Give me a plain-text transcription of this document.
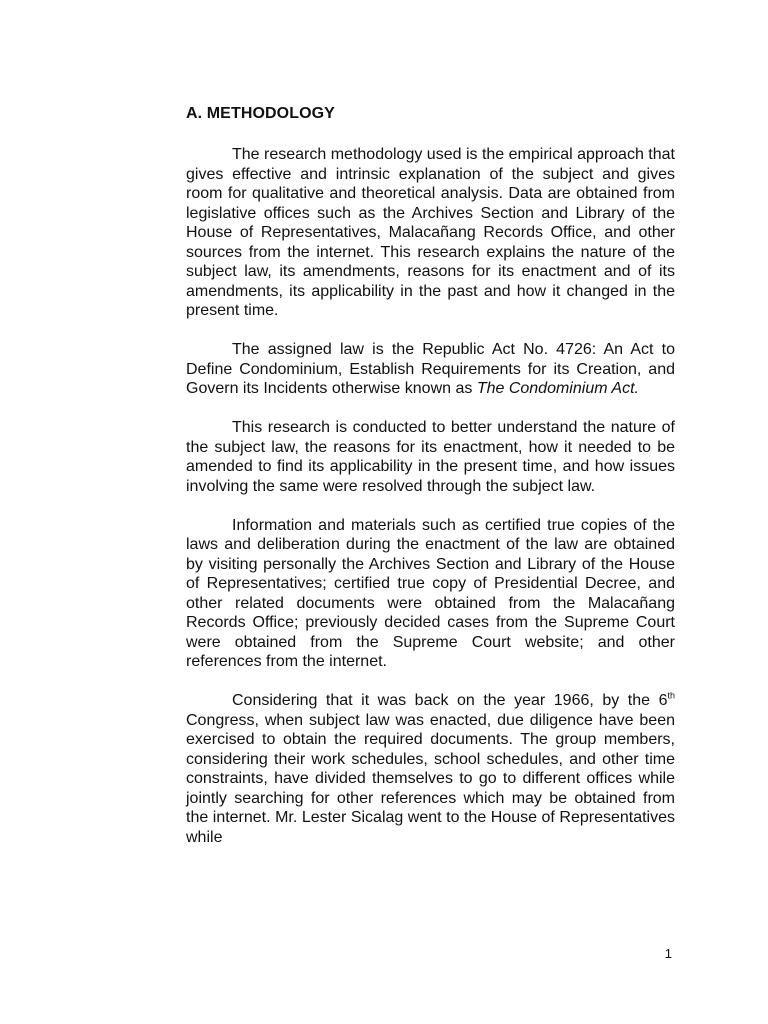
A. METHODOLOGY

The research methodology used is the empirical approach that gives effective and intrinsic explanation of the subject and gives room for qualitative and theoretical analysis. Data are obtained from legislative offices such as the Archives Section and Library of the House of Representatives, Malacañang Records Office, and other sources from the internet. This research explains the nature of the subject law, its amendments, reasons for its enactment and of its amendments, its applicability in the past and how it changed in the present time.

The assigned law is the Republic Act No. 4726: An Act to Define Condominium, Establish Requirements for its Creation, and Govern its Incidents otherwise known as The Condominium Act.

This research is conducted to better understand the nature of the subject law, the reasons for its enactment, how it needed to be amended to find its applicability in the present time, and how issues involving the same were resolved through the subject law.

Information and materials such as certified true copies of the laws and deliberation during the enactment of the law are obtained by visiting personally the Archives Section and Library of the House of Representatives; certified true copy of Presidential Decree, and other related documents were obtained from the Malacañang Records Office; previously decided cases from the Supreme Court were obtained from the Supreme Court website; and other references from the internet.

Considering that it was back on the year 1966, by the 6th Congress, when subject law was enacted, due diligence have been exercised to obtain the required documents. The group members, considering their work schedules, school schedules, and other time constraints, have divided themselves to go to different offices while jointly searching for other references which may be obtained from the internet. Mr. Lester Sicalag went to the House of Representatives while

1
